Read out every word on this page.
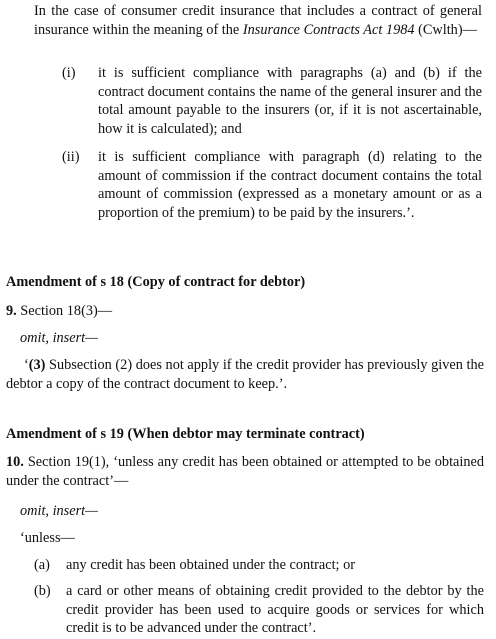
In the case of consumer credit insurance that includes a contract of general insurance within the meaning of the Insurance Contracts Act 1984 (Cwlth)—

(i)	it is sufficient compliance with paragraphs (a) and (b) if the contract document contains the name of the general insurer and the total amount payable to the insurers (or, if it is not ascertainable, how it is calculated); and

(ii)	it is sufficient compliance with paragraph (d) relating to the amount of commission if the contract document contains the total amount of commission (expressed as a monetary amount or as a proportion of the premium) to be paid by the insurers.’.

Amendment of s 18 (Copy of contract for debtor)

9. Section 18(3)—

omit, insert—

‘(3) Subsection (2) does not apply if the credit provider has previously given the debtor a copy of the contract document to keep.’.

Amendment of s 19 (When debtor may terminate contract)

10. Section 19(1), ‘unless any credit has been obtained or attempted to be obtained under the contract’—

omit, insert—

‘unless—

(a)	any credit has been obtained under the contract; or

(b)	a card or other means of obtaining credit provided to the debtor by the credit provider has been used to acquire goods or services for which credit is to be advanced under the contract’.
